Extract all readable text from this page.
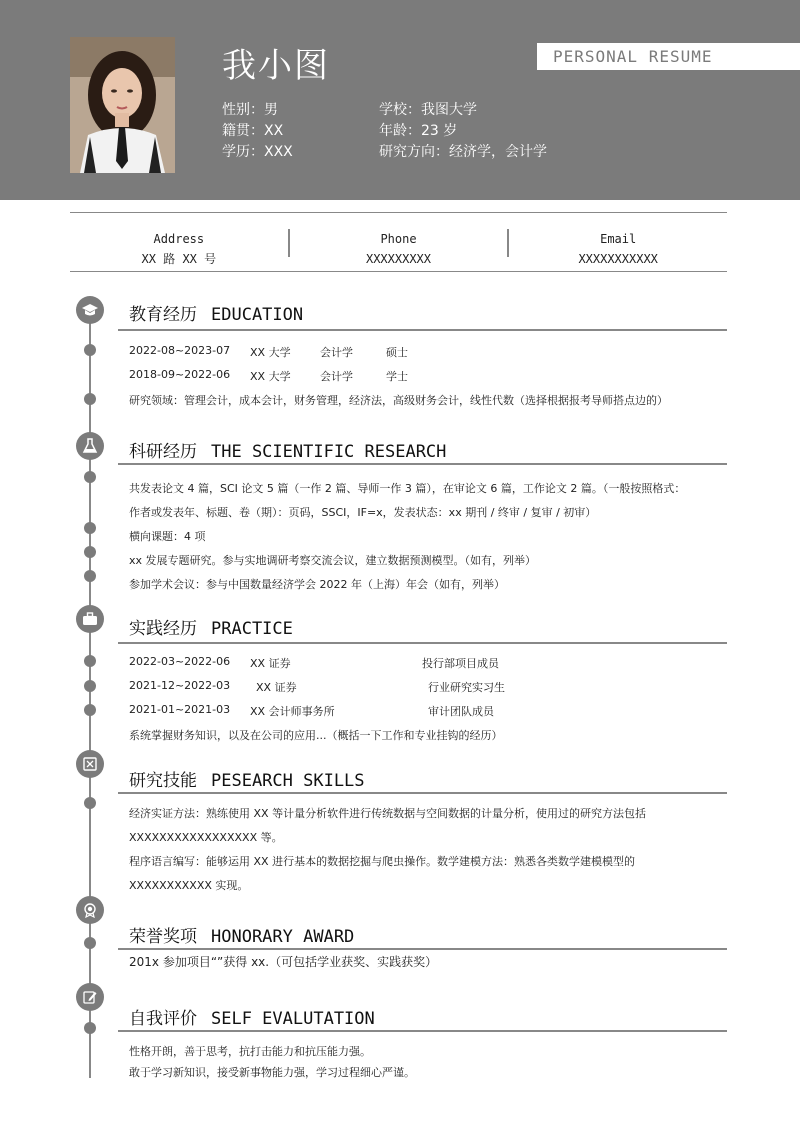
我小图	PERSONAL RESUME
性别：男
籍贯：XX
学历：XXX
学校：我图大学
年龄：23 岁
研究方向：经济学，会计学
Address
XX 路 XX 号
Phone
XXXXXXXXX
Email
XXXXXXXXXXX
教育经历 EDUCATION
2022-08~2023-07 XX 大学	会计学	硕士
2018-09~2022-06 XX 大学	会计学	学士
研究领域：管理会计，成本会计，财务管理，经济法，高级财务会计，线性代数（选择根据报考导师搭点边的）
科研经历 THE SCIENTIFIC RESEARCH
共发表论文 4 篇，SCI 论文 5 篇（一作 2 篇、导师一作 3 篇），在审论文 6 篇，工作论文 2 篇。（一般按照格式：
作者或发表年、标题、卷（期）：页码，SSCI，IF=x，发表状态：xx 期刊 / 终审 / 复审 / 初审）
横向课题：4 项
xx 发展专题研究。参与实地调研考察交流会议，建立数据预测模型。（如有，列举）
参加学术会议：参与中国数量经济学会 2022 年（上海）年会（如有，列举）
实践经历 PRACTICE
2022-03~2022-06 XX 证券	投行部项目成员
2021-12~2022-03 XX 证券	行业研究实习生
2021-01~2021-03 XX 会计师事务所	审计团队成员
系统掌握财务知识，以及在公司的应用...（概括一下工作和专业挂钩的经历）
研究技能 PESEARCH SKILLS
经济实证方法：熟练使用 XX 等计量分析软件进行传统数据与空间数据的计量分析，使用过的研究方法包括
XXXXXXXXXXXXXXXXX 等。
程序语言编写：能够运用 XX 进行基本的数据挖掘与爬虫操作。数学建模方法：熟悉各类数学建模模型的
XXXXXXXXXXX 实现。
荣誉奖项 HONORARY AWARD
201x 参加项目“”获得 xx.（可包括学业获奖、实践获奖）
自我评价 SELF EVALUTATION
性格开朗，善于思考，抗打击能力和抗压能力强。
敢于学习新知识，接受新事物能力强，学习过程细心严谨。
